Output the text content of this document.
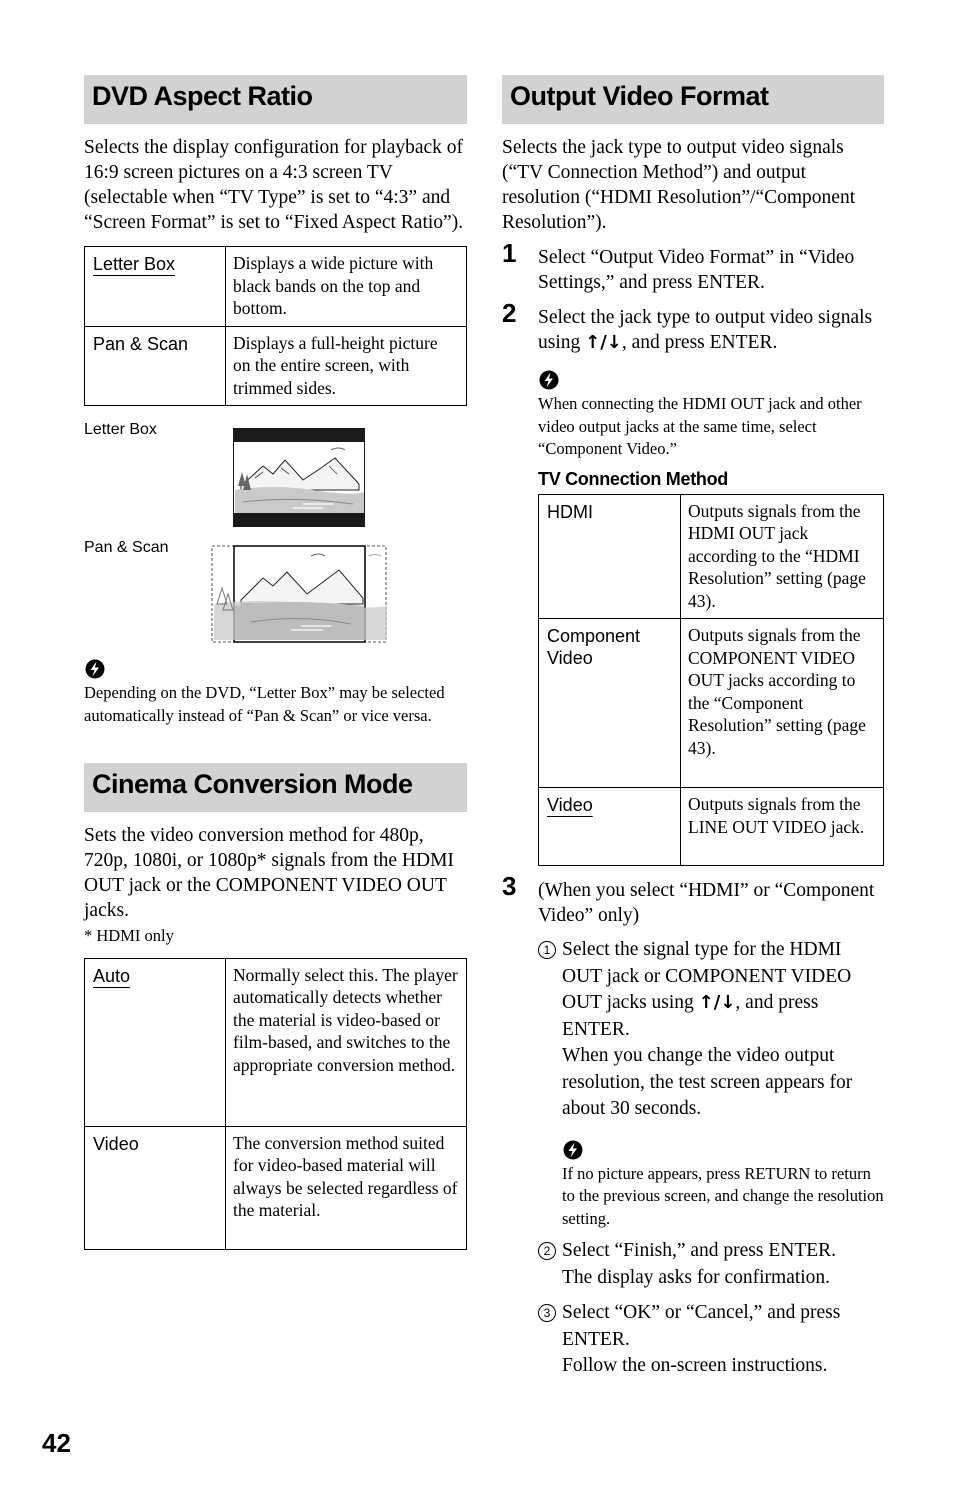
DVD Aspect Ratio

Selects the display configuration for playback of 16:9 screen pictures on a 4:3 screen TV (selectable when “TV Type” is set to “4:3” and “Screen Format” is set to “Fixed Aspect Ratio”).

Letter Box	Displays a wide picture with black bands on the top and bottom.
Pan & Scan	Displays a full-height picture on the entire screen, with trimmed sides.
Letter Box
Pan & Scan

Depending on the DVD, “Letter Box” may be selected automatically instead of “Pan & Scan” or vice versa.

Cinema Conversion Mode

Sets the video conversion method for 480p, 720p, 1080i, or 1080p* signals from the HDMI OUT jack or the COMPONENT VIDEO OUT jacks.

* HDMI only

Auto	Normally select this. The player automatically detects whether the material is video-based or film-based, and switches to the appropriate conversion method.
Video	The conversion method suited for video-based material will always be selected regardless of the material.
Output Video Format

Selects the jack type to output video signals (“TV Connection Method”) and output resolution (“HDMI Resolution”/“Component Resolution”).

1 Select “Output Video Format” in “Video Settings,” and press ENTER.
2 Select the jack type to output video signals using ↑/↓, and press ENTER.

When connecting the HDMI OUT jack and other video output jacks at the same time, select “Component Video.”

TV Connection Method
HDMI	Outputs signals from the HDMI OUT jack according to the “HDMI Resolution” setting (page 43).
Component Video	Outputs signals from the COMPONENT VIDEO OUT jacks according to the “Component Resolution” setting (page 43).
Video	Outputs signals from the LINE OUT VIDEO jack.
3 (When you select “HDMI” or “Component Video” only)
1 Select the signal type for the HDMI OUT jack or COMPONENT VIDEO OUT jacks using ↑/↓, and press ENTER.
When you change the video output resolution, the test screen appears for about 30 seconds.

If no picture appears, press RETURN to return to the previous screen, and change the resolution setting.

2 Select “Finish,” and press ENTER.
The display asks for confirmation.
3 Select “OK” or “Cancel,” and press ENTER.
Follow the on-screen instructions.
42
